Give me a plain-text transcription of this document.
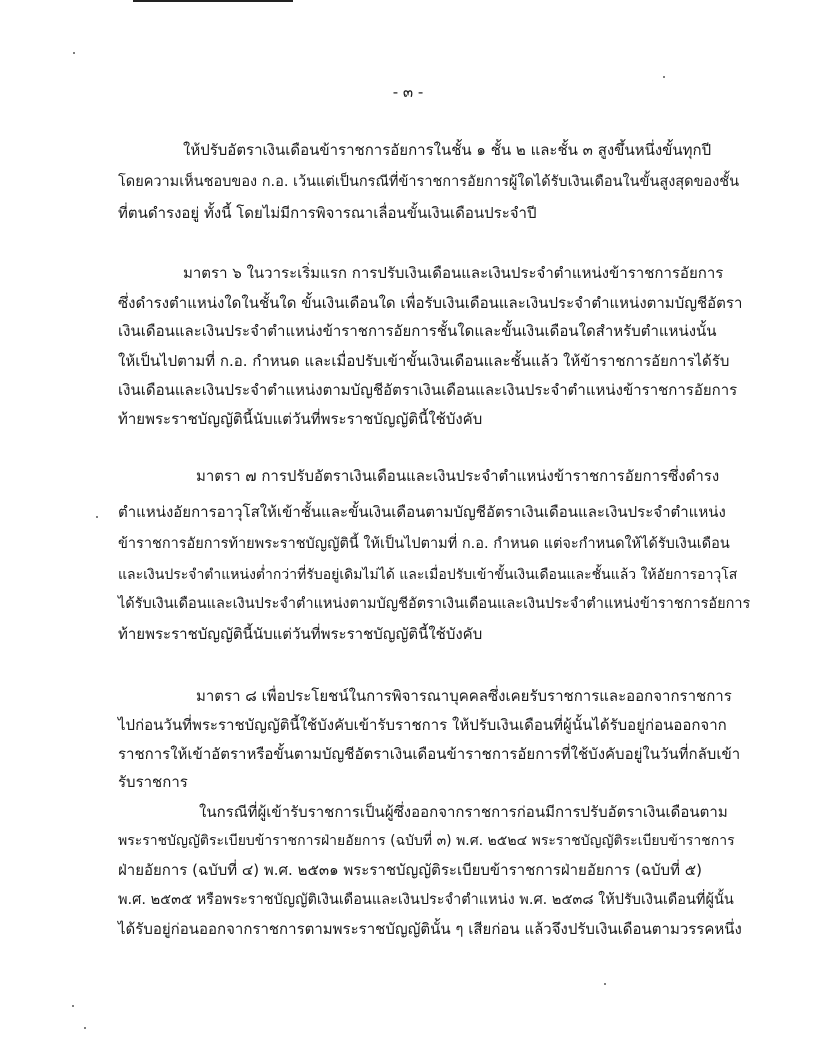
- ๓ -
ให้ปรับอัตราเงินเดือนข้าราชการอัยการในชั้น ๑ ชั้น ๒ และชั้น ๓ สูงขึ้นหนึ่งขั้นทุกปี
โดยความเห็นชอบของ ก.อ. เว้นแต่เป็นกรณีที่ข้าราชการอัยการผู้ใดได้รับเงินเดือนในขั้นสูงสุดของชั้น
ที่ตนดำรงอยู่ ทั้งนี้ โดยไม่มีการพิจารณาเลื่อนขั้นเงินเดือนประจำปี
มาตรา ๖ ในวาระเริ่มแรก การปรับเงินเดือนและเงินประจำตำแหน่งข้าราชการอัยการ
ซึ่งดำรงตำแหน่งใดในชั้นใด ขั้นเงินเดือนใด เพื่อรับเงินเดือนและเงินประจำตำแหน่งตามบัญชีอัตรา
เงินเดือนและเงินประจำตำแหน่งข้าราชการอัยการชั้นใดและขั้นเงินเดือนใดสำหรับตำแหน่งนั้น
ให้เป็นไปตามที่ ก.อ. กำหนด และเมื่อปรับเข้าขั้นเงินเดือนและชั้นแล้ว ให้ข้าราชการอัยการได้รับ
เงินเดือนและเงินประจำตำแหน่งตามบัญชีอัตราเงินเดือนและเงินประจำตำแหน่งข้าราชการอัยการ
ท้ายพระราชบัญญัตินี้นับแต่วันที่พระราชบัญญัตินี้ใช้บังคับ
มาตรา ๗ การปรับอัตราเงินเดือนและเงินประจำตำแหน่งข้าราชการอัยการซึ่งดำรง
ตำแหน่งอัยการอาวุโสให้เข้าชั้นและขั้นเงินเดือนตามบัญชีอัตราเงินเดือนและเงินประจำตำแหน่ง
ข้าราชการอัยการท้ายพระราชบัญญัตินี้ ให้เป็นไปตามที่ ก.อ. กำหนด แต่จะกำหนดให้ได้รับเงินเดือน
และเงินประจำตำแหน่งต่ำกว่าที่รับอยู่เดิมไม่ได้ และเมื่อปรับเข้าขั้นเงินเดือนและชั้นแล้ว ให้อัยการอาวุโส
ได้รับเงินเดือนและเงินประจำตำแหน่งตามบัญชีอัตราเงินเดือนและเงินประจำตำแหน่งข้าราชการอัยการ
ท้ายพระราชบัญญัตินี้นับแต่วันที่พระราชบัญญัตินี้ใช้บังคับ
มาตรา ๘ เพื่อประโยชน์ในการพิจารณาบุคคลซึ่งเคยรับราชการและออกจากราชการ
ไปก่อนวันที่พระราชบัญญัตินี้ใช้บังคับเข้ารับราชการ ให้ปรับเงินเดือนที่ผู้นั้นได้รับอยู่ก่อนออกจาก
ราชการให้เข้าอัตราหรือขั้นตามบัญชีอัตราเงินเดือนข้าราชการอัยการที่ใช้บังคับอยู่ในวันที่กลับเข้า
รับราชการ
ในกรณีที่ผู้เข้ารับราชการเป็นผู้ซึ่งออกจากราชการก่อนมีการปรับอัตราเงินเดือนตาม
พระราชบัญญัติระเบียบข้าราชการฝ่ายอัยการ (ฉบับที่ ๓) พ.ศ. ๒๕๒๔ พระราชบัญญัติระเบียบข้าราชการ
ฝ่ายอัยการ (ฉบับที่ ๔) พ.ศ. ๒๕๓๑ พระราชบัญญัติระเบียบข้าราชการฝ่ายอัยการ (ฉบับที่ ๕)
พ.ศ. ๒๕๓๕ หรือพระราชบัญญัติเงินเดือนและเงินประจำตำแหน่ง พ.ศ. ๒๕๓๘ ให้ปรับเงินเดือนที่ผู้นั้น
ได้รับอยู่ก่อนออกจากราชการตามพระราชบัญญัตินั้น ๆ เสียก่อน แล้วจึงปรับเงินเดือนตามวรรคหนึ่ง
